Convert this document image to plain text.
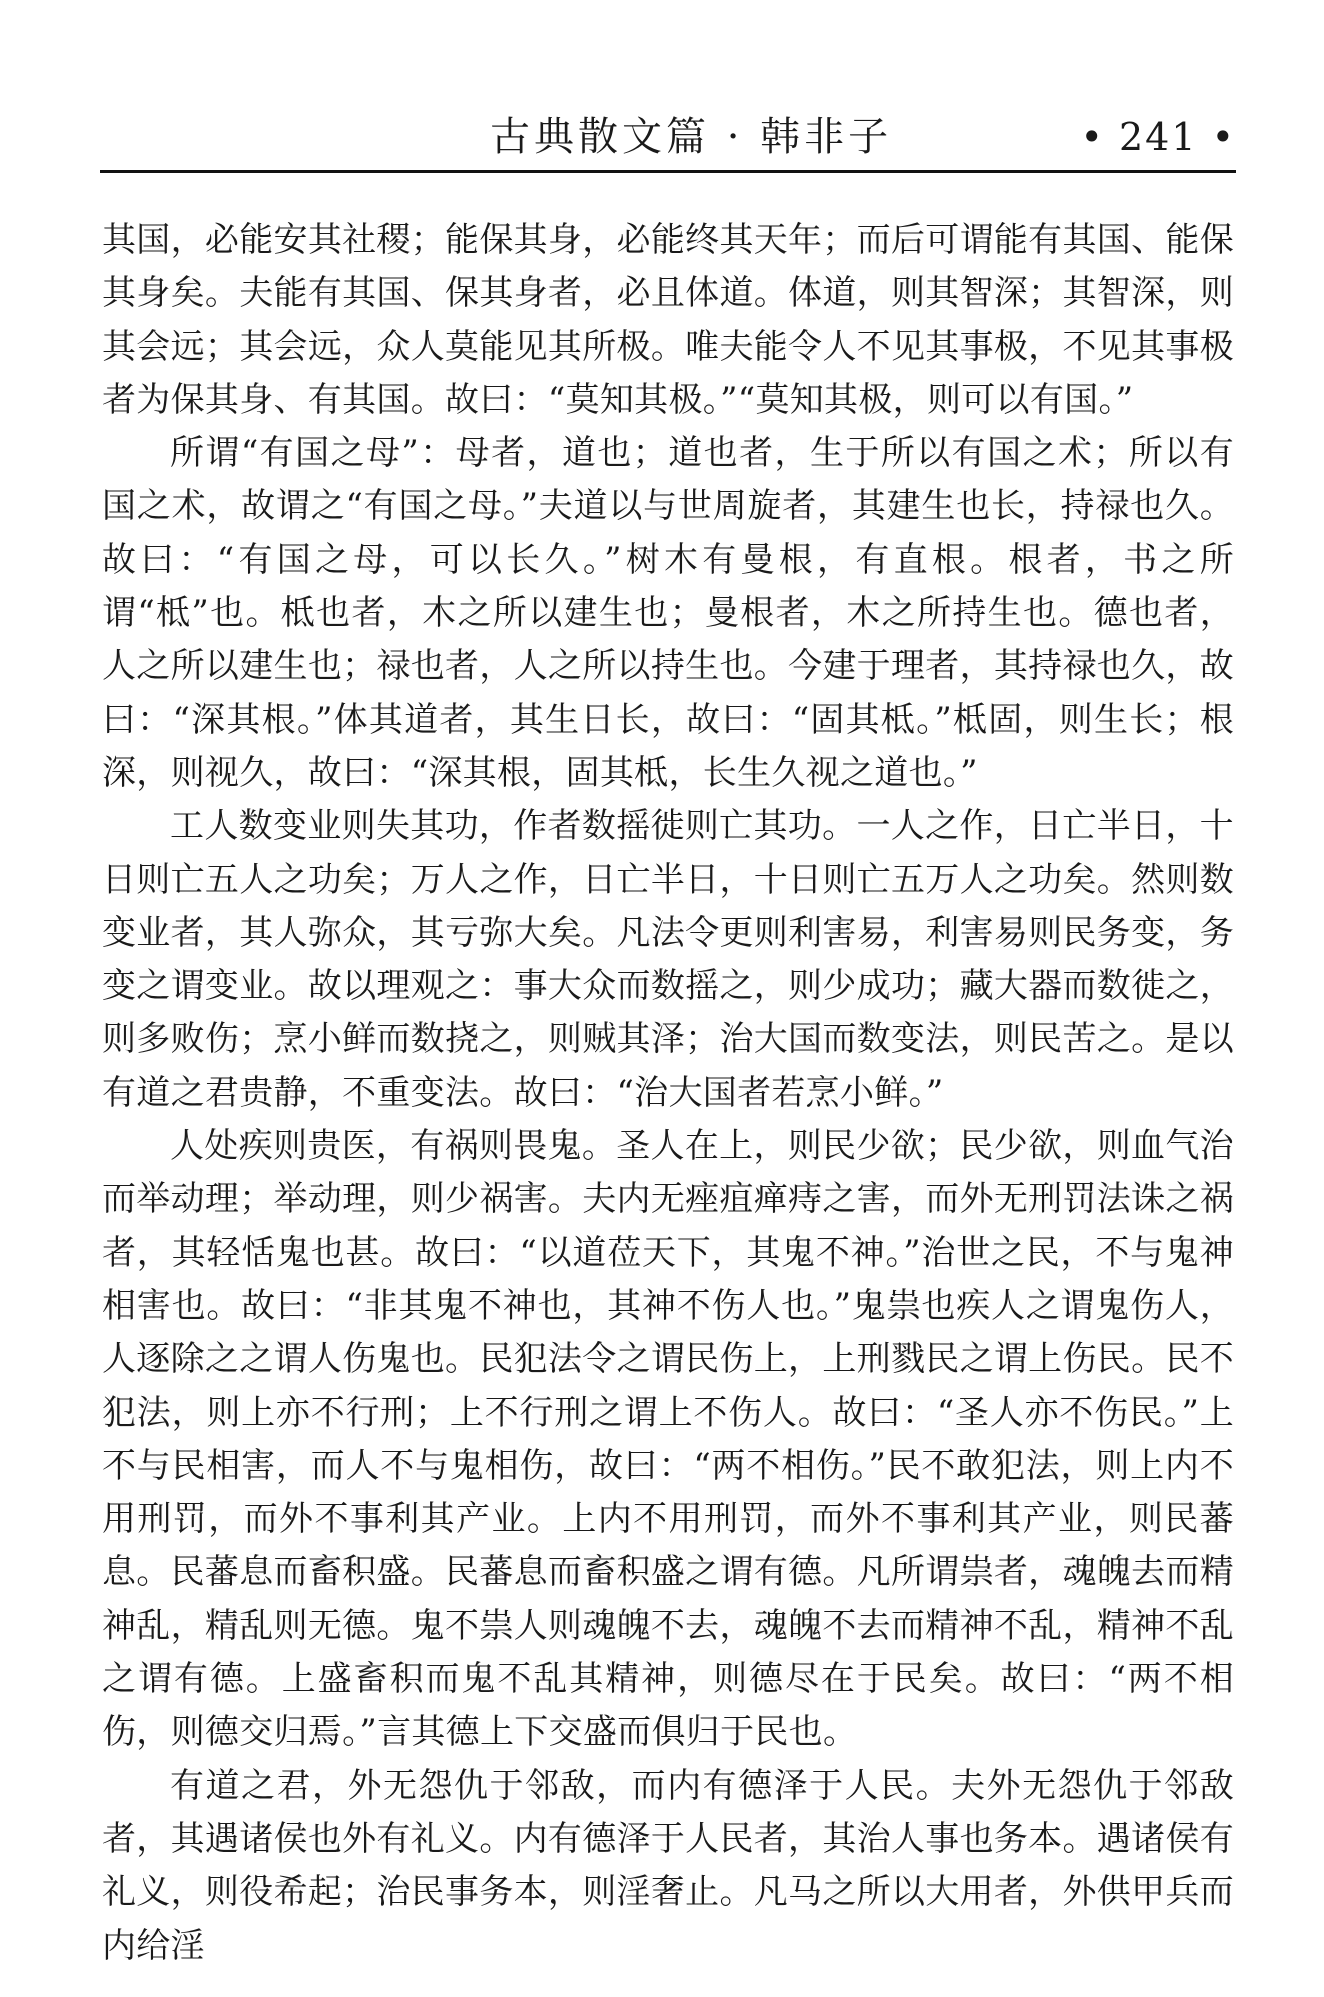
古典散文篇 · 韩非子	• 241 •

其国，必能安其社稷；能保其身，必能终其天年；而后可谓能有其国、能保其身矣。夫能有其国、保其身者，必且体道。体道，则其智深；其智深，则其会远；其会远，众人莫能见其所极。唯夫能令人不见其事极，不见其事极者为保其身、有其国。故曰：“莫知其极。”“莫知其极，则可以有国。”

所谓“有国之母”：母者，道也；道也者，生于所以有国之术；所以有国之术，故谓之“有国之母。”夫道以与世周旋者，其建生也长，持禄也久。故曰：“有国之母，可以长久。”树木有曼根，有直根。根者，书之所谓“柢”也。柢也者，木之所以建生也；曼根者，木之所持生也。德也者，人之所以建生也；禄也者，人之所以持生也。今建于理者，其持禄也久，故曰：“深其根。”体其道者，其生日长，故曰：“固其柢。”柢固，则生长；根深，则视久，故曰：“深其根，固其柢，长生久视之道也。”

工人数变业则失其功，作者数摇徙则亡其功。一人之作，日亡半日，十日则亡五人之功矣；万人之作，日亡半日，十日则亡五万人之功矣。然则数变业者，其人弥众，其亏弥大矣。凡法令更则利害易，利害易则民务变，务变之谓变业。故以理观之：事大众而数摇之，则少成功；藏大器而数徙之，则多败伤；烹小鲜而数挠之，则贼其泽；治大国而数变法，则民苦之。是以有道之君贵静，不重变法。故曰：“治大国者若烹小鲜。”

人处疾则贵医，有祸则畏鬼。圣人在上，则民少欲；民少欲，则血气治而举动理；举动理，则少祸害。夫内无痤疽瘅痔之害，而外无刑罚法诛之祸者，其轻恬鬼也甚。故曰：“以道莅天下，其鬼不神。”治世之民，不与鬼神相害也。故曰：“非其鬼不神也，其神不伤人也。”鬼祟也疾人之谓鬼伤人，人逐除之之谓人伤鬼也。民犯法令之谓民伤上，上刑戮民之谓上伤民。民不犯法，则上亦不行刑；上不行刑之谓上不伤人。故曰：“圣人亦不伤民。”上不与民相害，而人不与鬼相伤，故曰：“两不相伤。”民不敢犯法，则上内不用刑罚，而外不事利其产业。上内不用刑罚，而外不事利其产业，则民蕃息。民蕃息而畜积盛。民蕃息而畜积盛之谓有德。凡所谓祟者，魂魄去而精神乱，精乱则无德。鬼不祟人则魂魄不去，魂魄不去而精神不乱，精神不乱之谓有德。上盛畜积而鬼不乱其精神，则德尽在于民矣。故曰：“两不相伤，则德交归焉。”言其德上下交盛而俱归于民也。

有道之君，外无怨仇于邻敌，而内有德泽于人民。夫外无怨仇于邻敌者，其遇诸侯也外有礼义。内有德泽于人民者，其治人事也务本。遇诸侯有礼义，则役希起；治民事务本，则淫奢止。凡马之所以大用者，外供甲兵而内给淫
